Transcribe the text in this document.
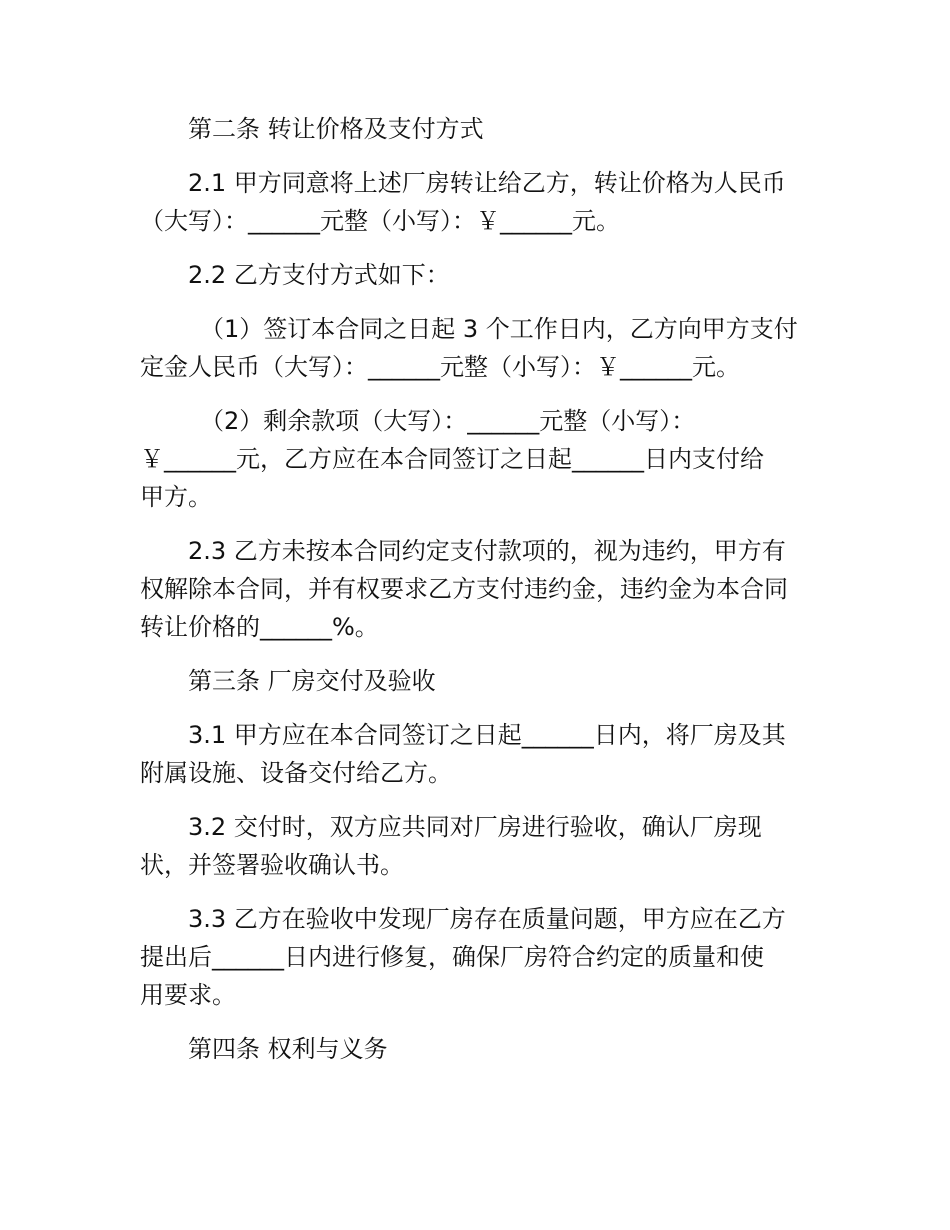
第二条 转让价格及支付方式
2.1 甲方同意将上述厂房转让给乙方，转让价格为人民币
（大写）：______元整（小写）：￥______元。
2.2 乙方支付方式如下：
（1）签订本合同之日起 3 个工作日内，乙方向甲方支付
定金人民币（大写）：______元整（小写）：￥______元。
（2）剩余款项（大写）：______元整（小写）：
￥______元，乙方应在本合同签订之日起______日内支付给
甲方。
2.3 乙方未按本合同约定支付款项的，视为违约，甲方有
权解除本合同，并有权要求乙方支付违约金，违约金为本合同
转让价格的______%。
第三条 厂房交付及验收
3.1 甲方应在本合同签订之日起______日内，将厂房及其
附属设施、设备交付给乙方。
3.2 交付时，双方应共同对厂房进行验收，确认厂房现
状，并签署验收确认书。
3.3 乙方在验收中发现厂房存在质量问题，甲方应在乙方
提出后______日内进行修复，确保厂房符合约定的质量和使
用要求。
第四条 权利与义务
